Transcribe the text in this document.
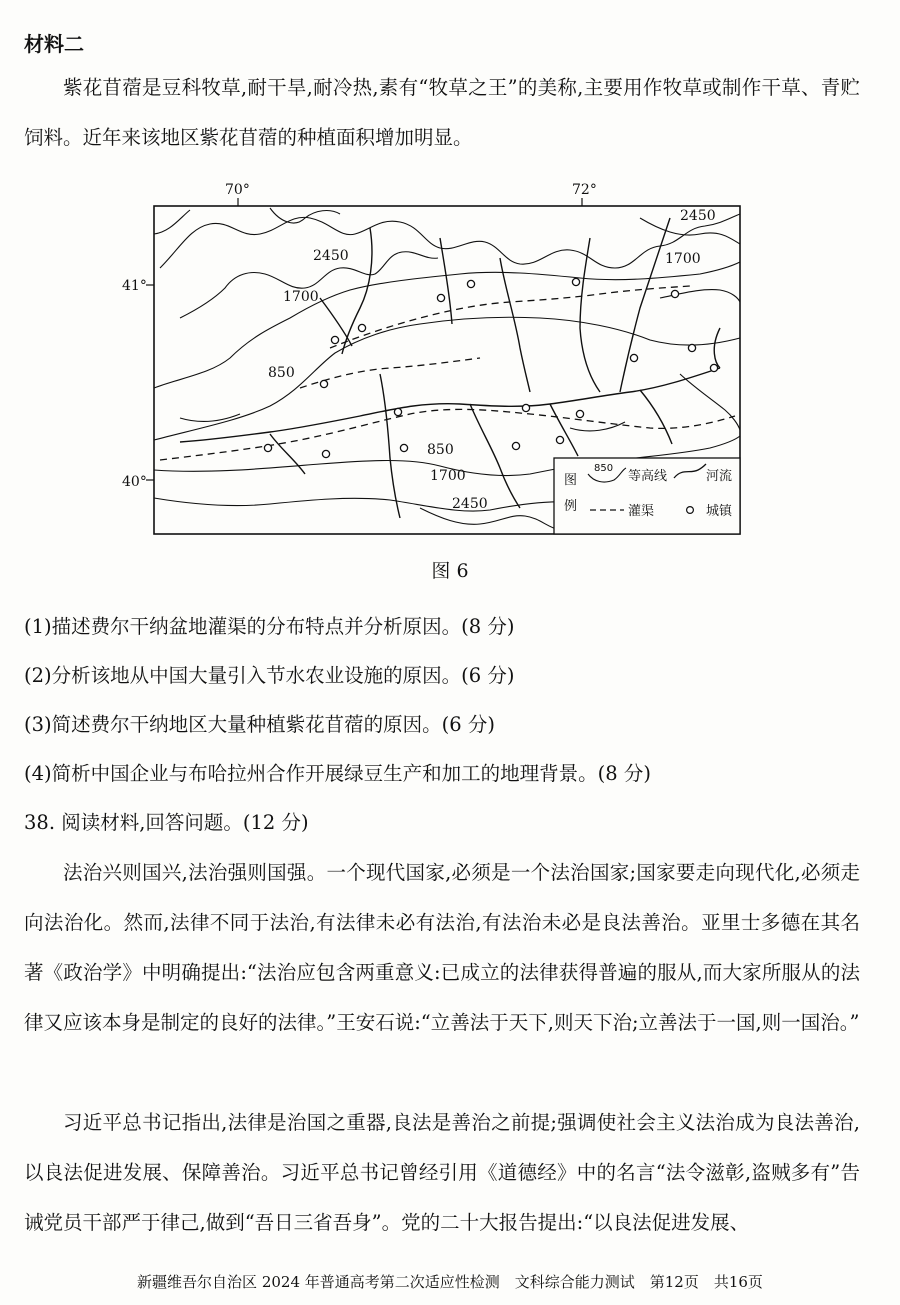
材料二

紫花苜蓿是豆科牧草,耐干旱,耐冷热,素有“牧草之王”的美称,主要用作牧草或制作干草、青贮饲料。近年来该地区紫花苜蓿的种植面积增加明显。

70°	72°
41°
40°
2450
1700
850
2450
1700
850
1700
2450
图
例
850
等高线	河流
灌渠	城镇
图 6
(1)描述费尔干纳盆地灌渠的分布特点并分析原因。(8 分)
(2)分析该地从中国大量引入节水农业设施的原因。(6 分)
(3)简述费尔干纳地区大量种植紫花苜蓿的原因。(6 分)
(4)简析中国企业与布哈拉州合作开展绿豆生产和加工的地理背景。(8 分)
38. 阅读材料,回答问题。(12 分)

法治兴则国兴,法治强则国强。一个现代国家,必须是一个法治国家;国家要走向现代化,必须走向法治化。然而,法律不同于法治,有法律未必有法治,有法治未必是良法善治。亚里士多德在其名著《政治学》中明确提出:“法治应包含两重意义:已成立的法律获得普遍的服从,而大家所服从的法律又应该本身是制定的良好的法律。”王安石说:“立善法于天下,则天下治;立善法于一国,则一国治。”

习近平总书记指出,法律是治国之重器,良法是善治之前提;强调使社会主义法治成为良法善治,以良法促进发展、保障善治。习近平总书记曾经引用《道德经》中的名言“法令滋彰,盗贼多有”告诫党员干部严于律己,做到“吾日三省吾身”。党的二十大报告提出:“以良法促进发展、

新疆维吾尔自治区 2024 年普通高考第二次适应性检测　文科综合能力测试　第12页　共16页
